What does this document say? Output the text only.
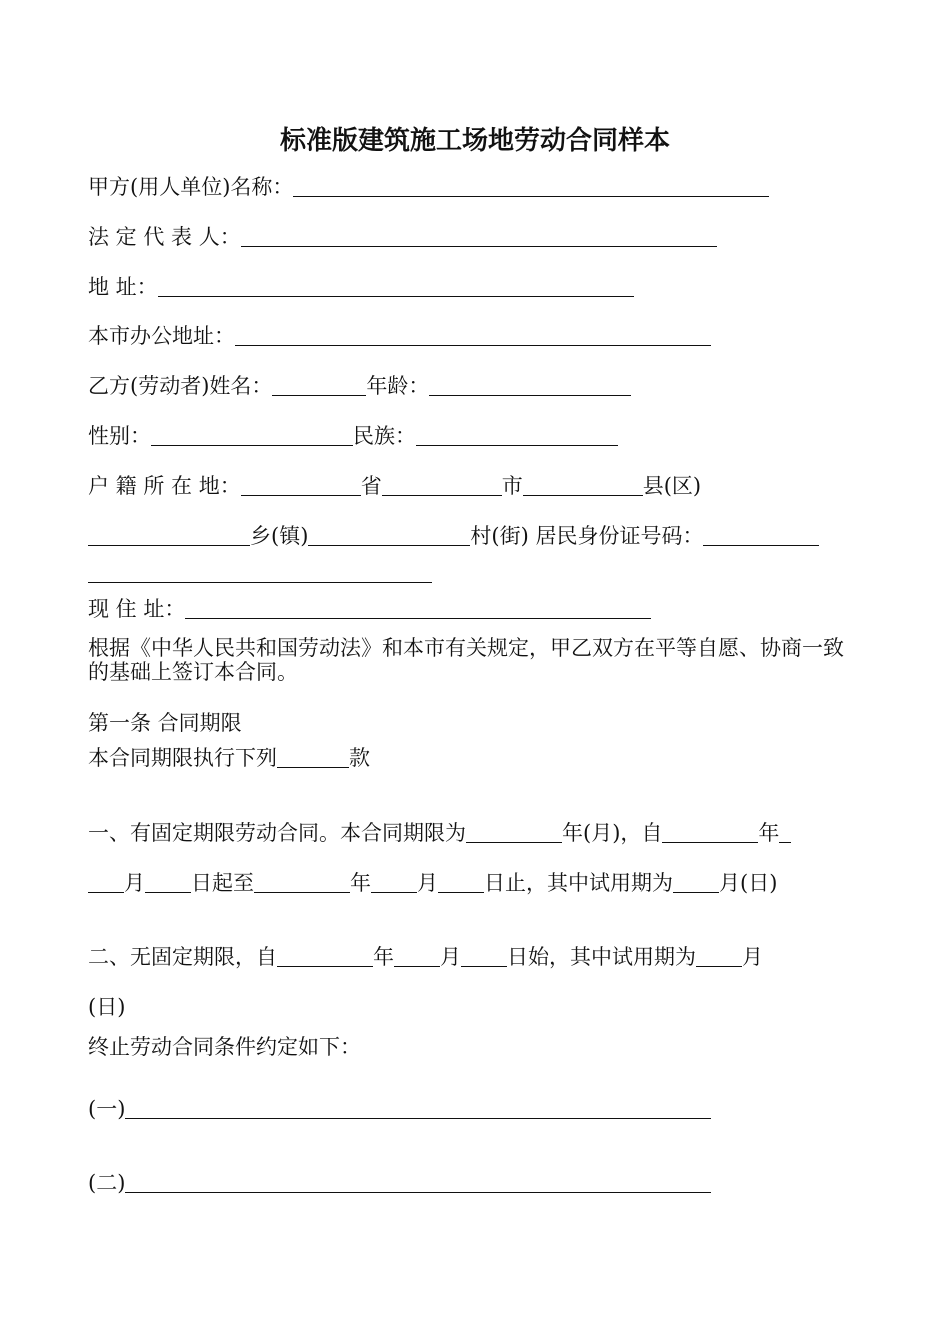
标准版建筑施工场地劳动合同样本
甲方(用人单位)名称：
法 定 代 表 人：
地 址：
本市办公地址：
乙方(劳动者)姓名：	年龄：
性别：	民族：
户 籍 所 在 地：	省	市	县(区)
乡(镇)	村(街) 居民身份证号码：
现 住 址：
根据《中华人民共和国劳动法》和本市有关规定，甲乙双方在平等自愿、协商一致的基础上签订本合同。
第一条 合同期限
本合同期限执行下列	款
一、有固定期限劳动合同。本合同期限为	年(月)，自	年
月 日起至	年 月 日止，其中试用期为 月(日)
二、无固定期限，自	年 月 日始，其中试用期为 月
(日)
终止劳动合同条件约定如下：
(一)
(二)
